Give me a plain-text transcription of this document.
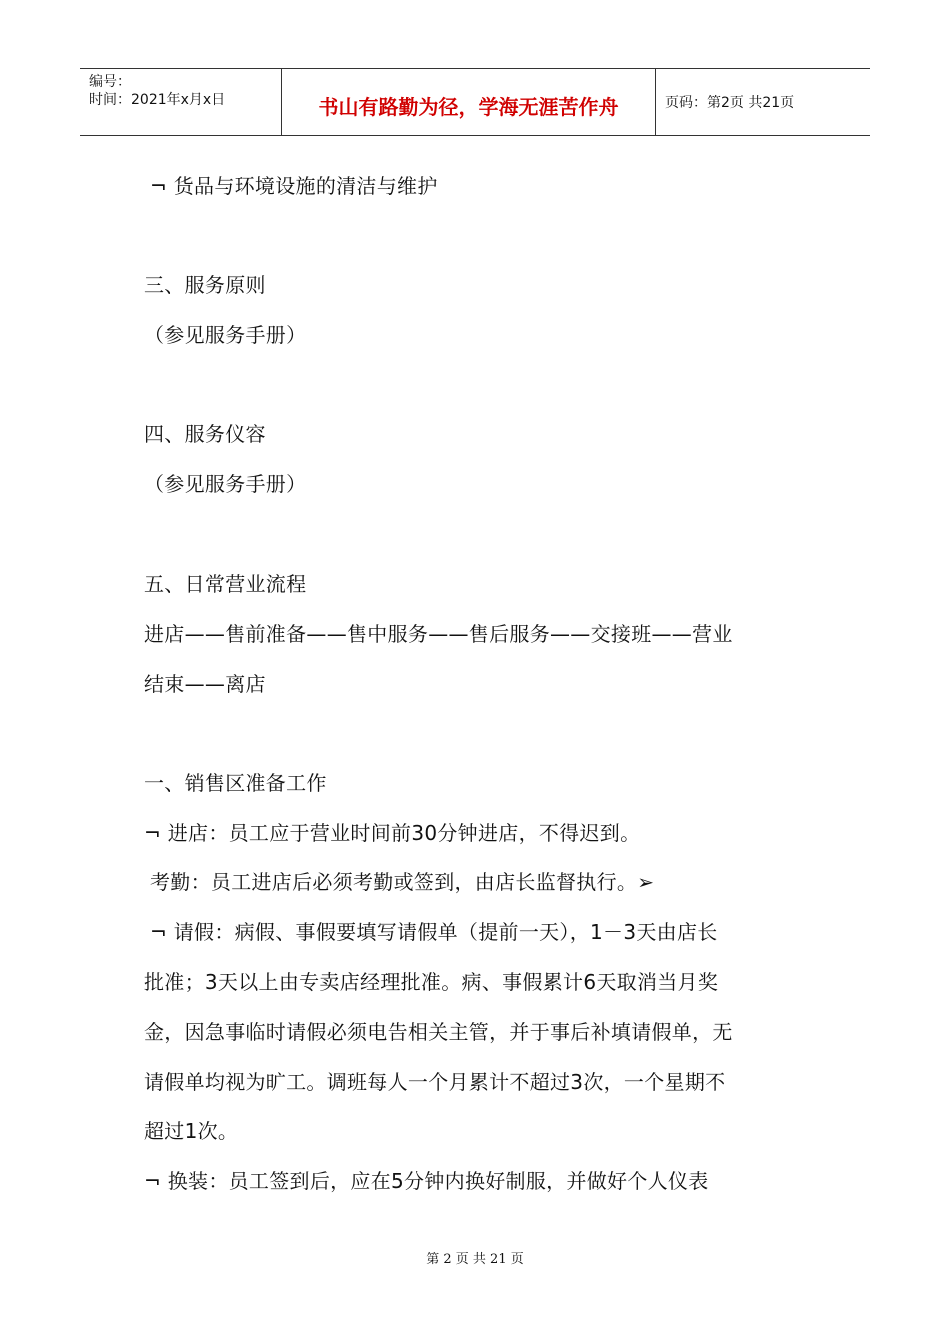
编号：
时间：2021年x月x日	书山有路勤为径，学海无涯苦作舟	页码：第2页 共21页
¬ 货品与环境设施的清洁与维护
三、服务原则
（参见服务手册）
四、服务仪容
（参见服务手册）
五、日常营业流程
进店——售前准备——售中服务——售后服务——交接班——营业
结束——离店
一、销售区准备工作
¬ 进店：员工应于营业时间前30分钟进店，不得迟到。
考勤：员工进店后必须考勤或签到，由店长监督执行。➢
¬ 请假：病假、事假要填写请假单（提前一天），1－3天由店长
批准；3天以上由专卖店经理批准。病、事假累计6天取消当月奖
金，因急事临时请假必须电告相关主管，并于事后补填请假单，无
请假单均视为旷工。调班每人一个月累计不超过3次，一个星期不
超过1次。
¬ 换装：员工签到后，应在5分钟内换好制服，并做好个人仪表
第 2 页 共 21 页
